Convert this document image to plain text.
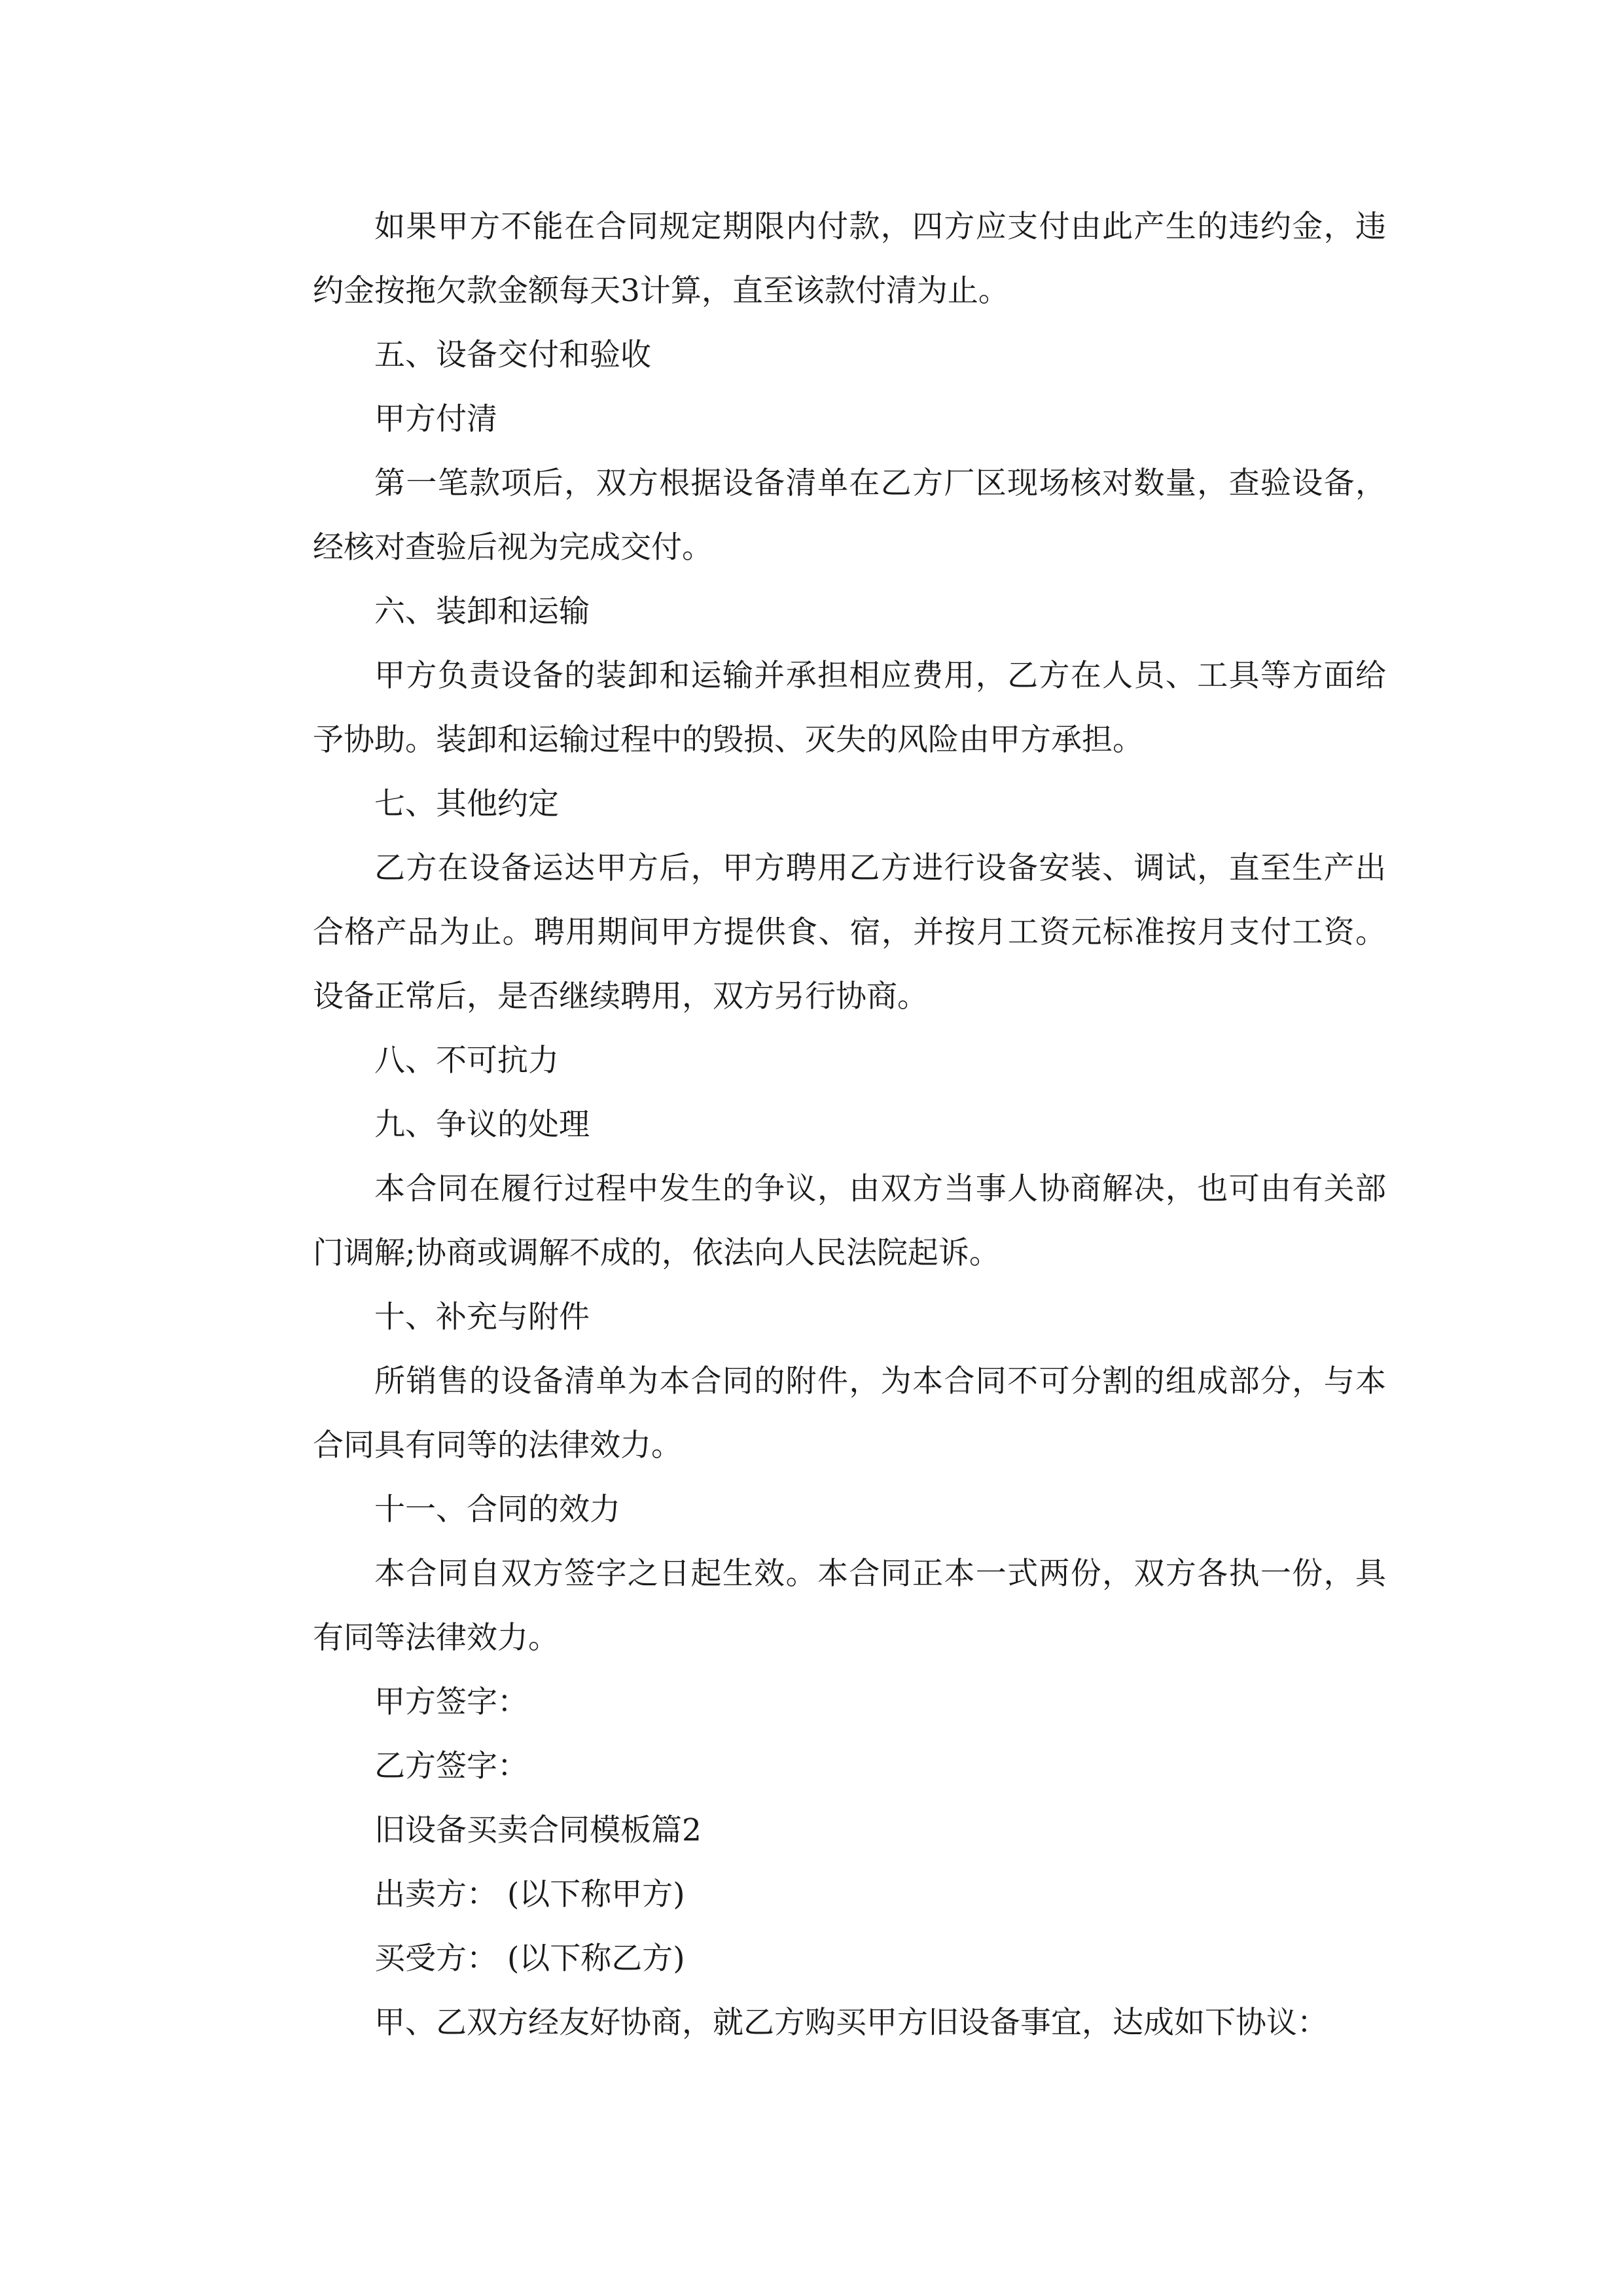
如果甲方不能在合同规定期限内付款，四方应支付由此产生的违约金，违约金按拖欠款金额每天3计算，直至该款付清为止。

五、设备交付和验收

甲方付清

第一笔款项后，双方根据设备清单在乙方厂区现场核对数量，查验设备，经核对查验后视为完成交付。

六、装卸和运输

甲方负责设备的装卸和运输并承担相应费用，乙方在人员、工具等方面给予协助。装卸和运输过程中的毁损、灭失的风险由甲方承担。

七、其他约定

乙方在设备运达甲方后，甲方聘用乙方进行设备安装、调试，直至生产出合格产品为止。聘用期间甲方提供食、宿，并按月工资元标准按月支付工资。设备正常后，是否继续聘用，双方另行协商。

八、不可抗力

九、争议的处理

本合同在履行过程中发生的争议，由双方当事人协商解决，也可由有关部门调解;协商或调解不成的，依法向人民法院起诉。

十、补充与附件

所销售的设备清单为本合同的附件，为本合同不可分割的组成部分，与本合同具有同等的法律效力。

十一、合同的效力

本合同自双方签字之日起生效。本合同正本一式两份，双方各执一份，具有同等法律效力。

甲方签字：

乙方签字：

旧设备买卖合同模板篇2

出卖方： (以下称甲方)

买受方： (以下称乙方)

甲、乙双方经友好协商，就乙方购买甲方旧设备事宜，达成如下协议：
